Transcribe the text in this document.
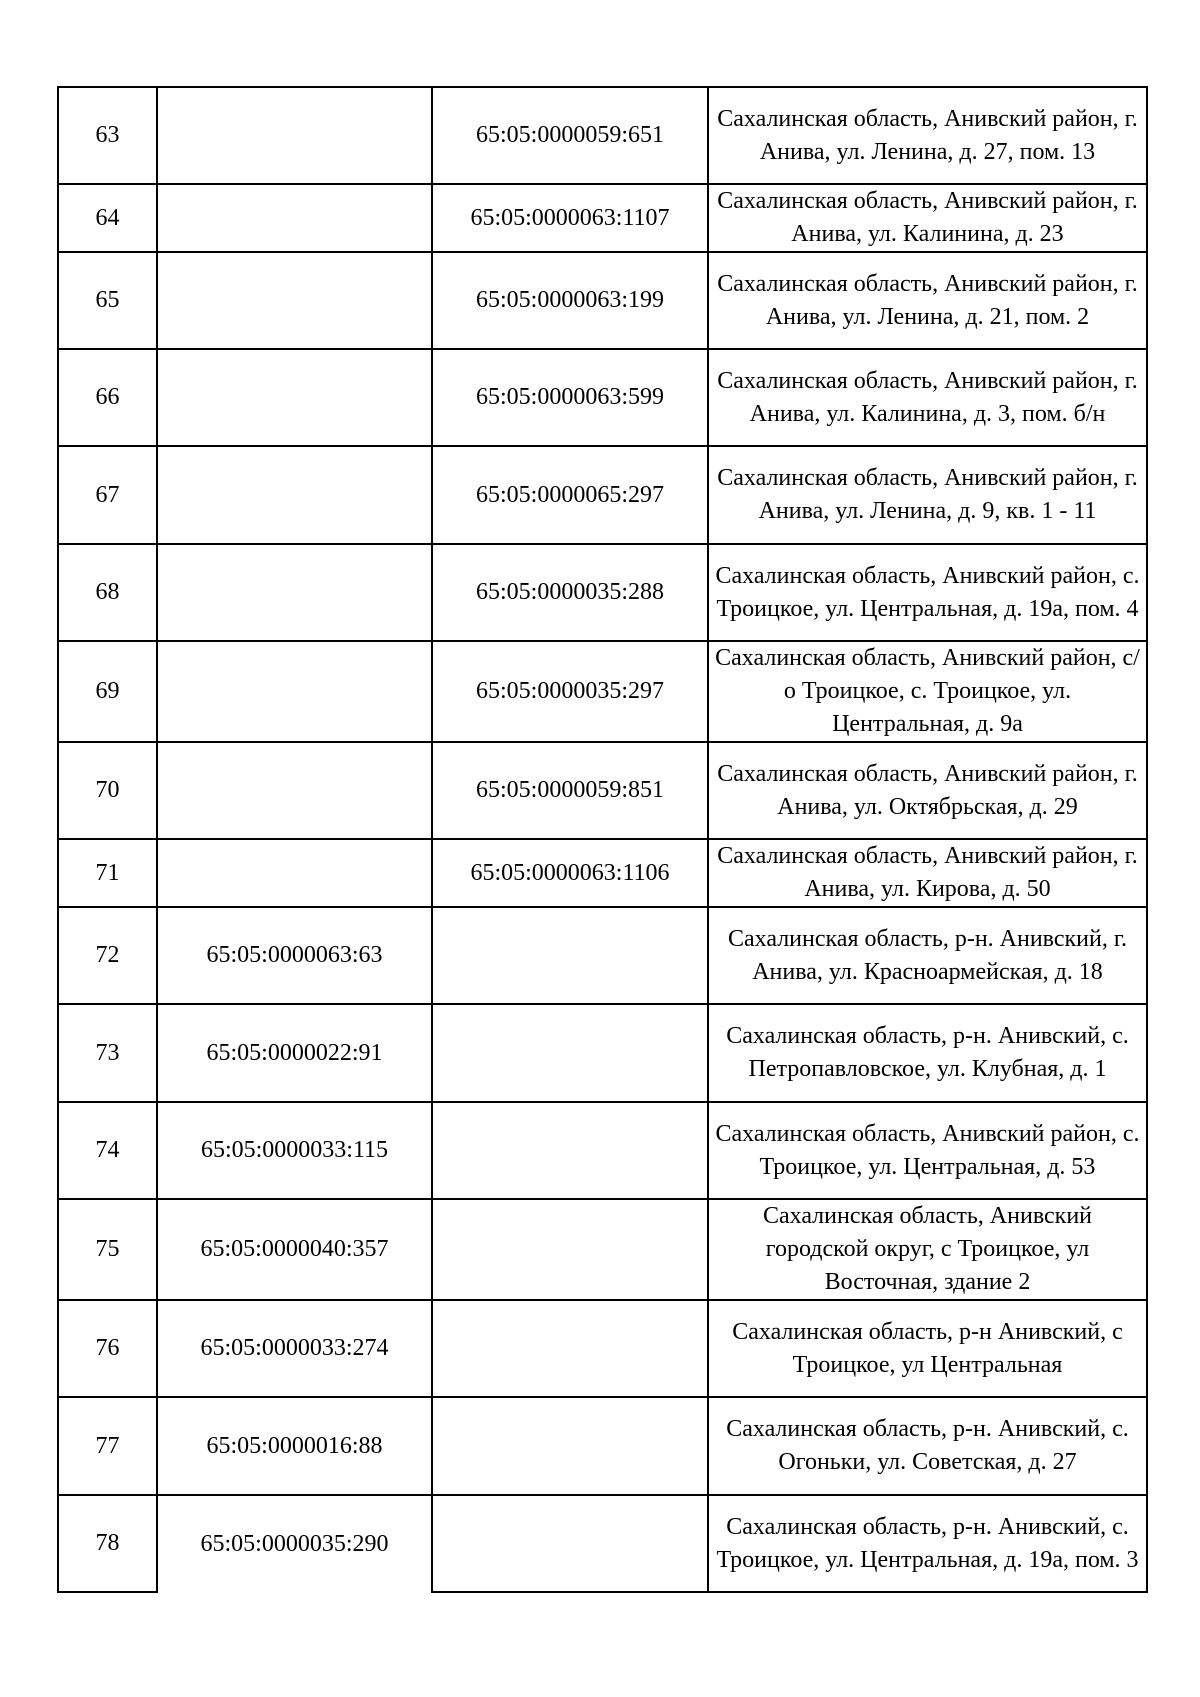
63		65:05:0000059:651	Сахалинская область, Анивский район, г. Анива, ул. Ленина, д. 27, пом. 13
64		65:05:0000063:1107	Сахалинская область, Анивский район, г. Анива, ул. Калинина, д. 23
65		65:05:0000063:199	Сахалинская область, Анивский район, г. Анива, ул. Ленина, д. 21, пом. 2
66		65:05:0000063:599	Сахалинская область, Анивский район, г. Анива, ул. Калинина, д. 3, пом. б/н
67		65:05:0000065:297	Сахалинская область, Анивский район, г. Анива, ул. Ленина, д. 9, кв. 1 - 11
68		65:05:0000035:288	Сахалинская область, Анивский район, с. Троицкое, ул. Центральная, д. 19а, пом. 4
69		65:05:0000035:297	Сахалинская область, Анивский район, с/о Троицкое, с. Троицкое, ул. Центральная, д. 9а
70		65:05:0000059:851	Сахалинская область, Анивский район, г. Анива, ул. Октябрьская, д. 29
71		65:05:0000063:1106	Сахалинская область, Анивский район, г. Анива, ул. Кирова, д. 50
72	65:05:0000063:63		Сахалинская область, р-н. Анивский, г. Анива, ул. Красноармейская, д. 18
73	65:05:0000022:91		Сахалинская область, р-н. Анивский, с. Петропавловское, ул. Клубная, д. 1
74	65:05:0000033:115		Сахалинская область, Анивский район, с. Троицкое, ул. Центральная, д. 53
75	65:05:0000040:357		Сахалинская область, Анивский городской округ, с Троицкое, ул Восточная, здание 2
76	65:05:0000033:274		Сахалинская область, р-н Анивский, с Троицкое, ул Центральная
77	65:05:0000016:88		Сахалинская область, р-н. Анивский, с. Огоньки, ул. Советская, д. 27
78	65:05:0000035:290		Сахалинская область, р-н. Анивский, с. Троицкое, ул. Центральная, д. 19а, пом. 3
